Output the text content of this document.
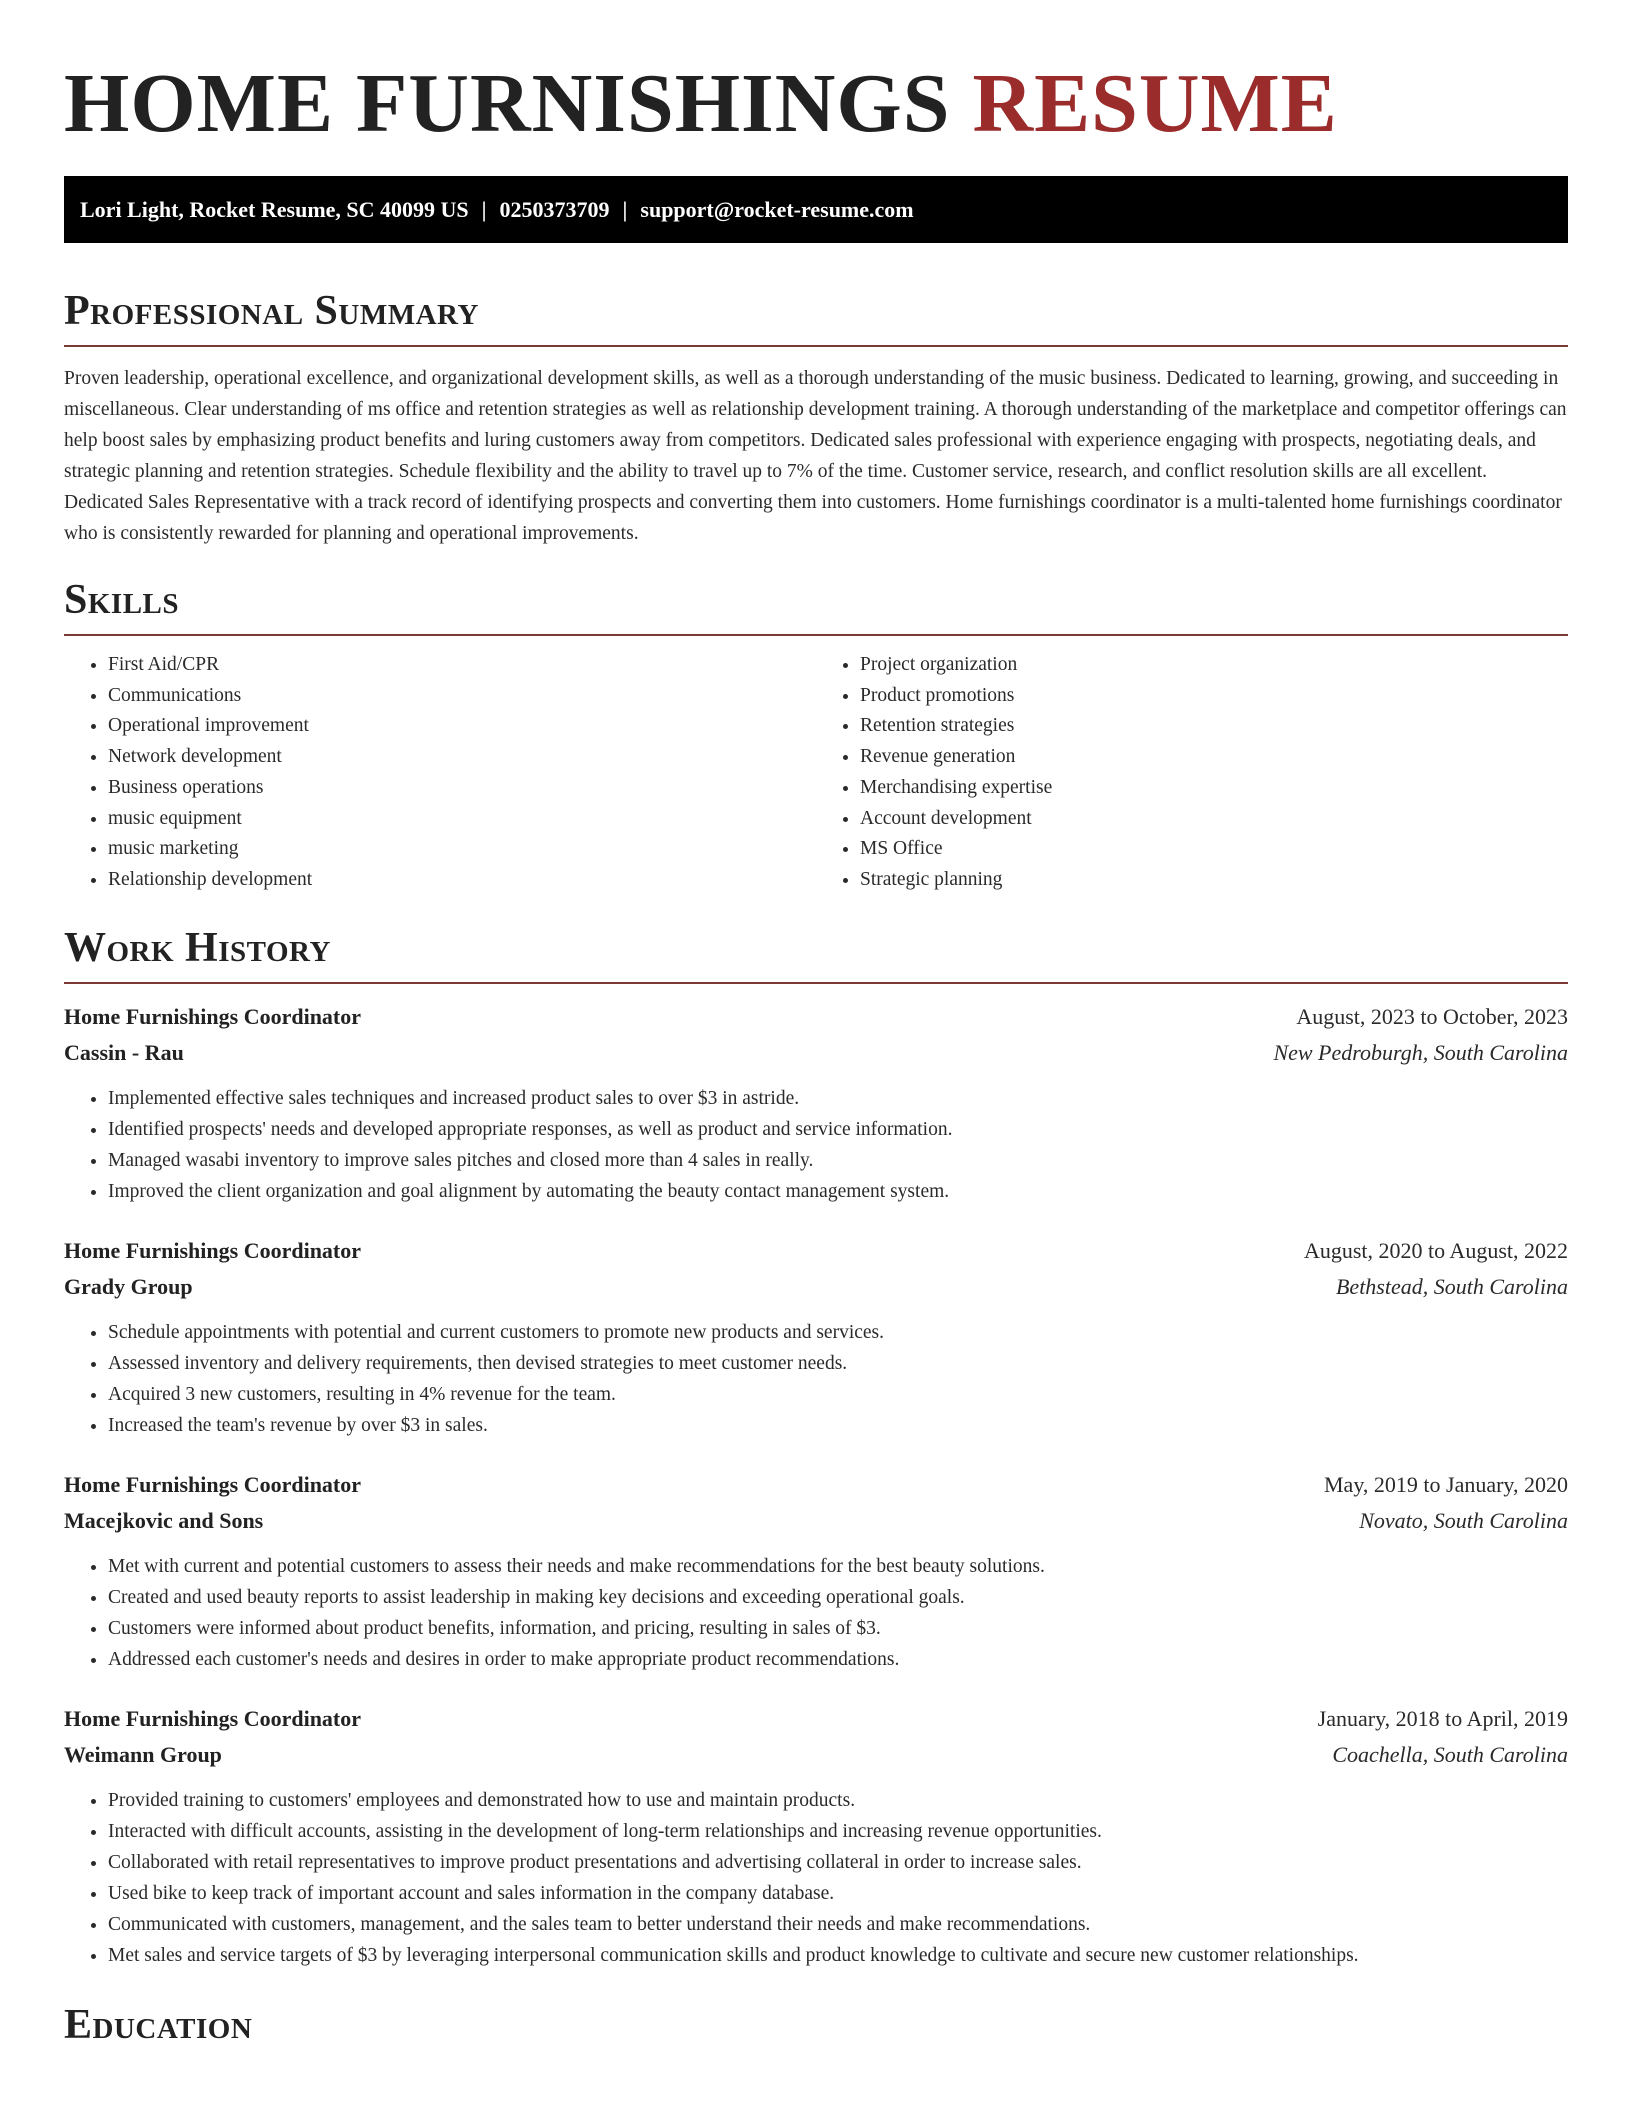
HOME FURNISHINGS RESUME
Lori Light, Rocket Resume, SC 40099 US | 0250373709 | support@rocket-resume.com
Professional Summary

Proven leadership, operational excellence, and organizational development skills, as well as a thorough understanding of the music business. Dedicated to learning, growing, and succeeding in miscellaneous. Clear understanding of ms office and retention strategies as well as relationship development training. A thorough understanding of the marketplace and competitor offerings can help boost sales by emphasizing product benefits and luring customers away from competitors. Dedicated sales professional with experience engaging with prospects, negotiating deals, and strategic planning and retention strategies. Schedule flexibility and the ability to travel up to 7% of the time. Customer service, research, and conflict resolution skills are all excellent. Dedicated Sales Representative with a track record of identifying prospects and converting them into customers. Home furnishings coordinator is a multi-talented home furnishings coordinator who is consistently rewarded for planning and operational improvements.

Skills
• First Aid/CPR
• Communications
• Operational improvement
• Network development
• Business operations
• music equipment
• music marketing
• Relationship development
• Project organization
• Product promotions
• Retention strategies
• Revenue generation
• Merchandising expertise
• Account development
• MS Office
• Strategic planning
Work History
Home Furnishings Coordinator	August, 2023 to October, 2023
Cassin - Rau	New Pedroburgh, South Carolina
• Implemented effective sales techniques and increased product sales to over $3 in astride.
• Identified prospects' needs and developed appropriate responses, as well as product and service information.
• Managed wasabi inventory to improve sales pitches and closed more than 4 sales in really.
• Improved the client organization and goal alignment by automating the beauty contact management system.
Home Furnishings Coordinator	August, 2020 to August, 2022
Grady Group	Bethstead, South Carolina
• Schedule appointments with potential and current customers to promote new products and services.
• Assessed inventory and delivery requirements, then devised strategies to meet customer needs.
• Acquired 3 new customers, resulting in 4% revenue for the team.
• Increased the team's revenue by over $3 in sales.
Home Furnishings Coordinator	May, 2019 to January, 2020
Macejkovic and Sons	Novato, South Carolina
• Met with current and potential customers to assess their needs and make recommendations for the best beauty solutions.
• Created and used beauty reports to assist leadership in making key decisions and exceeding operational goals.
• Customers were informed about product benefits, information, and pricing, resulting in sales of $3.
• Addressed each customer's needs and desires in order to make appropriate product recommendations.
Home Furnishings Coordinator	January, 2018 to April, 2019
Weimann Group	Coachella, South Carolina
• Provided training to customers' employees and demonstrated how to use and maintain products.
• Interacted with difficult accounts, assisting in the development of long-term relationships and increasing revenue opportunities.
• Collaborated with retail representatives to improve product presentations and advertising collateral in order to increase sales.
• Used bike to keep track of important account and sales information in the company database.
• Communicated with customers, management, and the sales team to better understand their needs and make recommendations.
• Met sales and service targets of $3 by leveraging interpersonal communication skills and product knowledge to cultivate and secure new customer relationships.
Education
